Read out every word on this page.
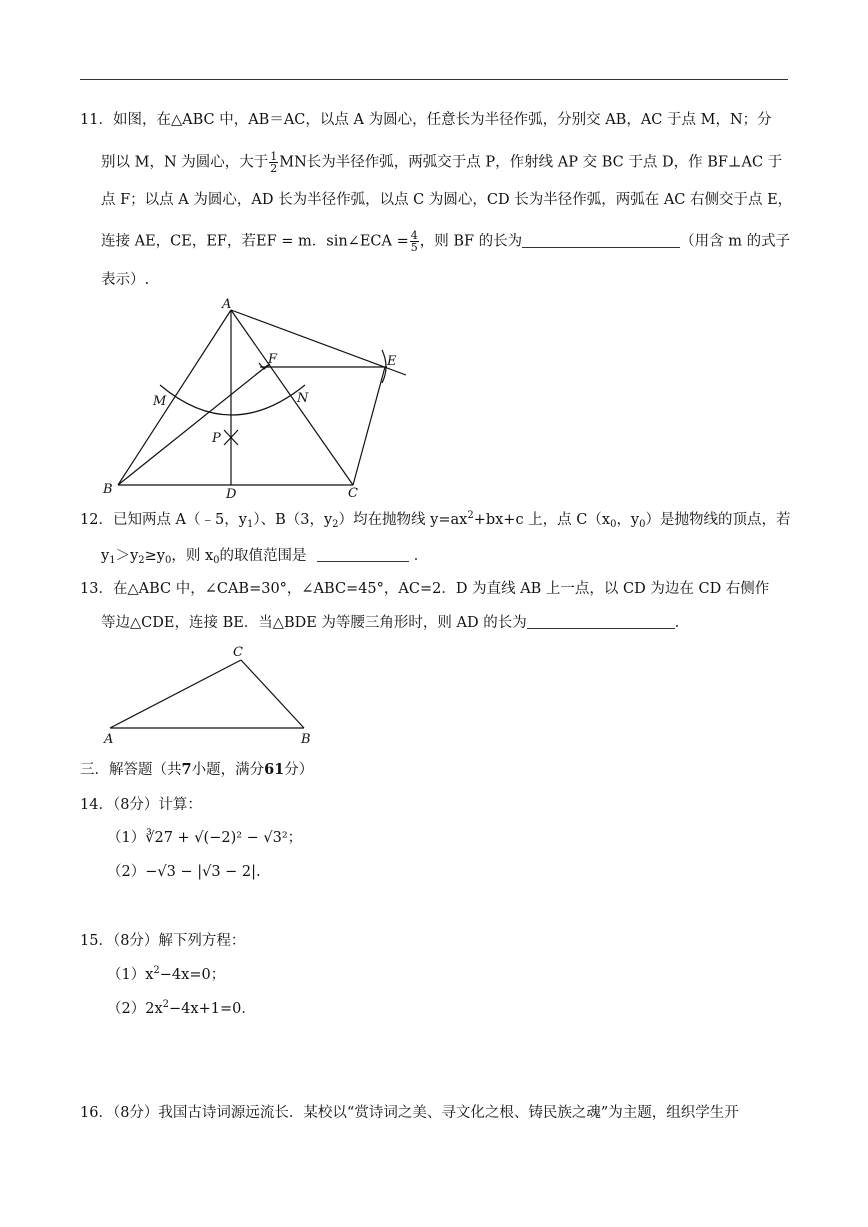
11．如图，在△ABC 中，AB＝AC，以点 A 为圆心，任意长为半径作弧，分别交 AB，AC 于点 M，N；分
别以 M，N 为圆心，大于 $\frac{1}{2}$ MN长为半径作弧，两弧交于点 P，作射线 AP 交 BC 于点 D，作 BF⊥AC 于
点 F；以点 A 为圆心，AD 长为半径作弧，以点 C 为圆心，CD 长为半径作弧，两弧在 AC 右侧交于点 E，
连接 AE，CE，EF，若EF = m．sin∠ECA = $\frac{4}{5}$ ，则 BF 的长为	（用含 m 的式子
表示）.
A
B	C
D
E
F
M	N
P
12．已知两点 A（﹣5，$y_1$）、B（3，$y_2$）均在抛物线 $y=ax^2+bx+c$ 上，点 $C(x_0$，$y_0$）是抛物线的顶点，若
$y_1>y_2\ge y_0$，则 $x_0$的取值范围是	．
13．在△ABC 中，∠CAB=30°，∠ABC=45°，AC=2．D 为直线 AB 上一点，以 CD 为边在 CD 右侧作
等边△CDE，连接 BE．当△BDE 为等腰三角形时，则 AD 的长为	．
A
C
B
三．解答题（共7小题，满分61分）
14．（8分）计算：
（1）∛27 + √(−2)² − √3²；
（2）−√3 − |√3 − 2|.
15．（8分）解下列方程：
$(1)x^2-4x=0$；
$(2)2x^2-4x+1=0$．
16．（8分）我国古诗词源远流长．某校以“赏诗词之美、寻文化之根、铸民族之魂”为主题，组织学生开
